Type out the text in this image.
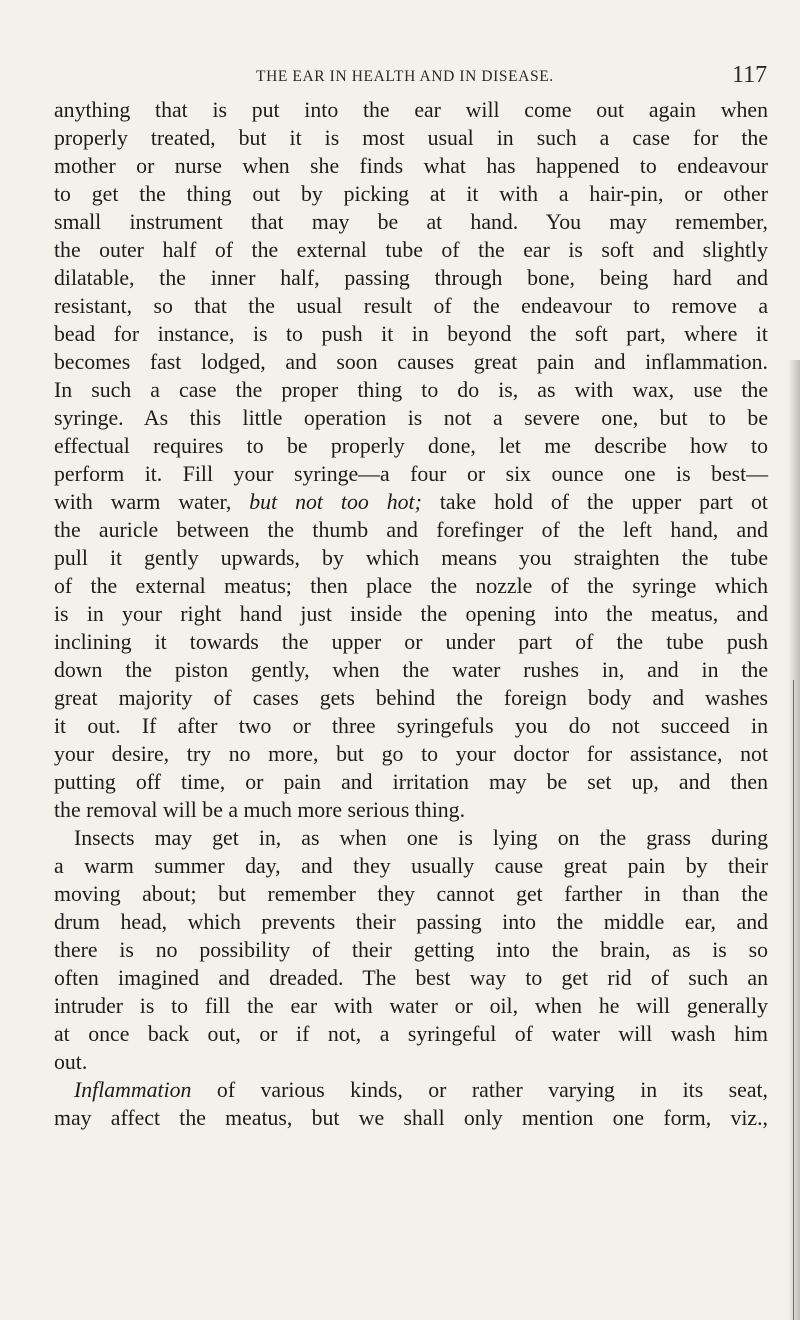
THE EAR IN HEALTH AND IN DISEASE.	117
anything that is put into the ear will come out again when
properly treated, but it is most usual in such a case for the
mother or nurse when she finds what has happened to endeavour
to get the thing out by picking at it with a hair-pin, or other
small instrument that may be at hand. You may remember,
the outer half of the external tube of the ear is soft and slightly
dilatable, the inner half, passing through bone, being hard and
resistant, so that the usual result of the endeavour to remove a
bead for instance, is to push it in beyond the soft part, where it
becomes fast lodged, and soon causes great pain and inflammation.
In such a case the proper thing to do is, as with wax, use the
syringe. As this little operation is not a severe one, but to be
effectual requires to be properly done, let me describe how to
perform it. Fill your syringe—a four or six ounce one is best—
with warm water, but not too hot; take hold of the upper part ot
the auricle between the thumb and forefinger of the left hand, and
pull it gently upwards, by which means you straighten the tube
of the external meatus; then place the nozzle of the syringe which
is in your right hand just inside the opening into the meatus, and
inclining it towards the upper or under part of the tube push
down the piston gently, when the water rushes in, and in the
great majority of cases gets behind the foreign body and washes
it out. If after two or three syringefuls you do not succeed in
your desire, try no more, but go to your doctor for assistance, not
putting off time, or pain and irritation may be set up, and then
the removal will be a much more serious thing.
Insects may get in, as when one is lying on the grass during
a warm summer day, and they usually cause great pain by their
moving about; but remember they cannot get farther in than the
drum head, which prevents their passing into the middle ear, and
there is no possibility of their getting into the brain, as is so
often imagined and dreaded. The best way to get rid of such an
intruder is to fill the ear with water or oil, when he will generally
at once back out, or if not, a syringeful of water will wash him
out.
Inflammation of various kinds, or rather varying in its seat,
may affect the meatus, but we shall only mention one form, viz.,
